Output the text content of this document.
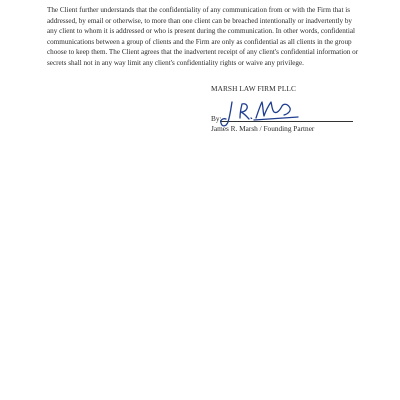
The Client further understands that the confidentiality of any communication from or with the Firm that is addressed, by email or otherwise, to more than one client can be breached intentionally or inadvertently by any client to whom it is addressed or who is present during the communication. In other words, confidential communications between a group of clients and the Firm are only as confidential as all clients in the group choose to keep them. The Client agrees that the inadvertent receipt of any client's confidential information or secrets shall not in any way limit any client's confidentiality rights or waive any privilege.

MARSH LAW FIRM PLLC
By:
James R. Marsh / Founding Partner
